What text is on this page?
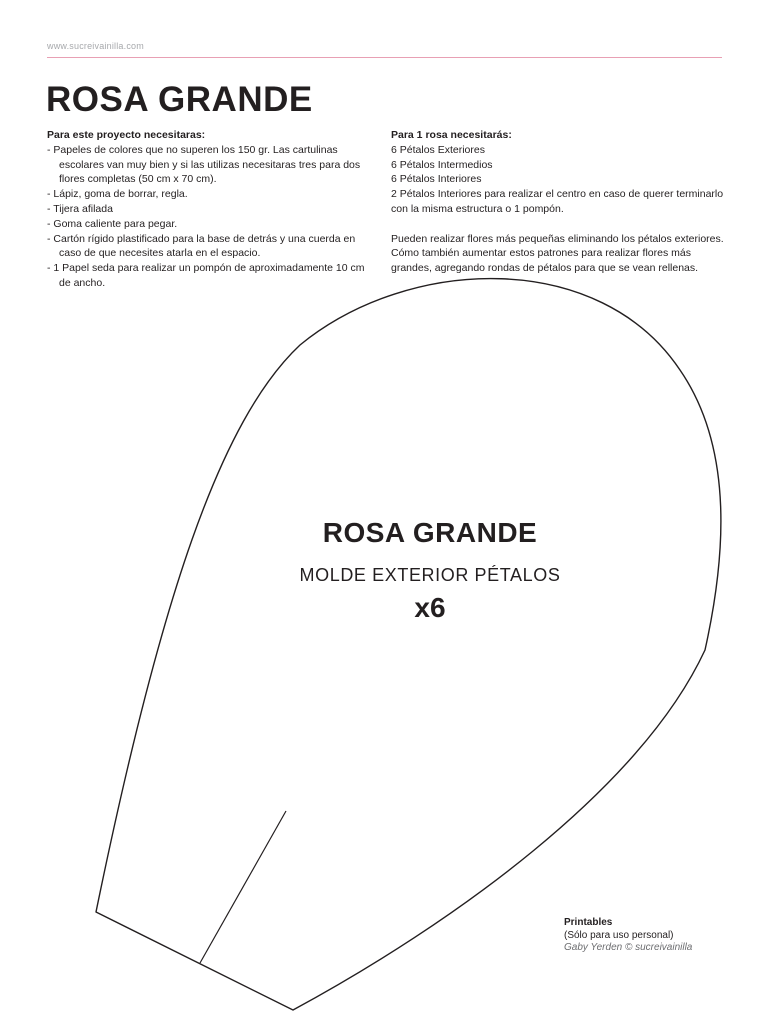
www.sucreivainilla.com
ROSA GRANDE
Para este proyecto necesitaras:
- Papeles de colores que no superen los 150 gr. Las cartulinas escolares van muy bien y si las utilizas necesitaras tres para dos flores completas (50 cm x 70 cm).
- Lápiz, goma de borrar, regla.
- Tijera afilada
- Goma caliente para pegar.
- Cartón rígido plastificado para la base de detrás y una cuerda en caso de que necesites atarla en el espacio.
- 1 Papel seda para realizar un pompón de aproximadamente 10 cm de ancho.
Para 1 rosa necesitarás:
6 Pétalos Exteriores
6 Pétalos Intermedios
6 Pétalos Interiores
2 Pétalos Interiores para realizar el centro en caso de querer terminarlo con la misma estructura o 1 pompón.

Pueden realizar flores más pequeñas eliminando los pétalos exteriores. Cómo también aumentar estos patrones para realizar flores más grandes, agregando rondas de pétalos para que se vean rellenas.

ROSA GRANDE
MOLDE EXTERIOR PÉTALOS
x6
Printables
(Sólo para uso personal)
Gaby Yerden © sucreivainilla
